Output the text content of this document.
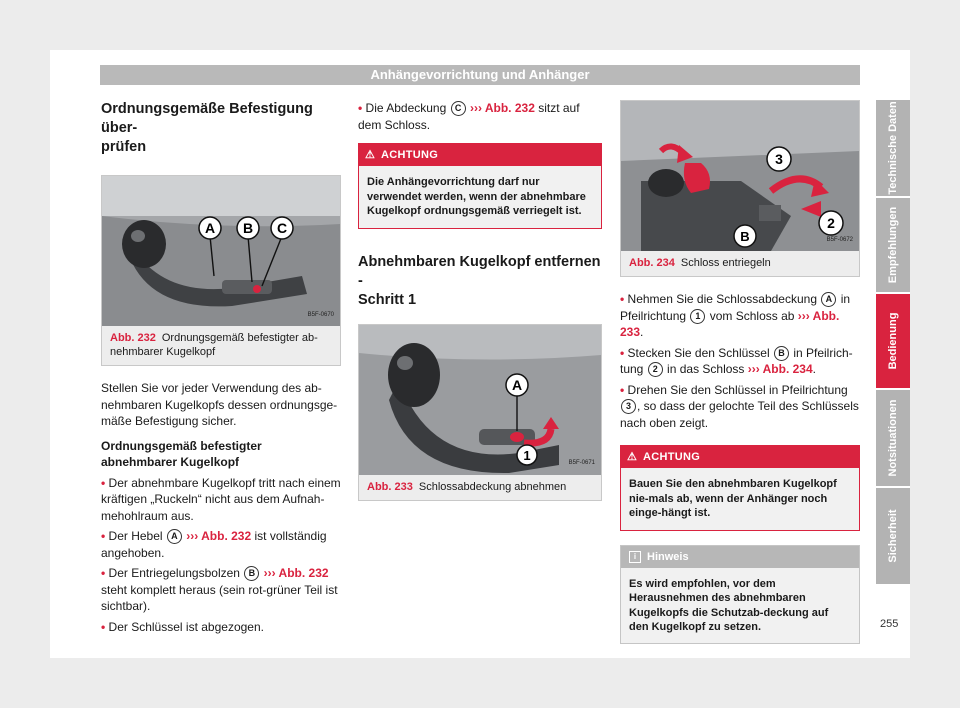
Anhängevorrichtung und Anhänger
Ordnungsgemäße Befestigung über-
prüfen
A B C
B5F-0670
Abb. 232 Ordnungsgemäß befestigter ab-nehmbarer Kugelkopf

Stellen Sie vor jeder Verwendung des ab-nehmbaren Kugelkopfs dessen ordnungsge-mäße Befestigung sicher.

Ordnungsgemäß befestigter abnehmbarer Kugelkopf

• Der abnehmbare Kugelkopf tritt nach einem kräftigen „Ruckeln“ nicht aus dem Aufnah-mehohlraum aus.

• Der Hebel A ››› Abb. 232 ist vollständig angehoben.

• Der Entriegelungsbolzen B ››› Abb. 232 steht komplett heraus (sein rot-grüner Teil ist sichtbar).

• Der Schlüssel ist abgezogen.

• Die Abdeckung C ››› Abb. 232 sitzt auf dem Schloss.

⚠ ACHTUNG
Die Anhängevorrichtung darf nur verwendet werden, wenn der abnehmbare Kugelkopf ordnungsgemäß verriegelt ist.
Abnehmbaren Kugelkopf entfernen -
Schritt 1
A
1
B5F-0671
Abb. 233 Schlossabdeckung abnehmen
3
2
B	B5F-0672
Abb. 234 Schloss entriegeln

• Nehmen Sie die Schlossabdeckung A in Pfeilrichtung 1 vom Schloss ab ››› Abb. 233.

• Stecken Sie den Schlüssel B in Pfeilrich-tung 2 in das Schloss ››› Abb. 234.

• Drehen Sie den Schlüssel in Pfeilrichtung 3 , so dass der gelochte Teil des Schlüssels nach oben zeigt.

⚠ ACHTUNG
Bauen Sie den abnehmbaren Kugelkopf nie-mals ab, wenn der Anhänger noch einge-hängt ist.
i Hinweis
Es wird empfohlen, vor dem Herausnehmen des abnehmbaren Kugelkopfs die Schutzab-deckung auf den Kugelkopf zu setzen.
Technische Daten
Empfehlungen
Bedienung
Notsituationen
Sicherheit
255
